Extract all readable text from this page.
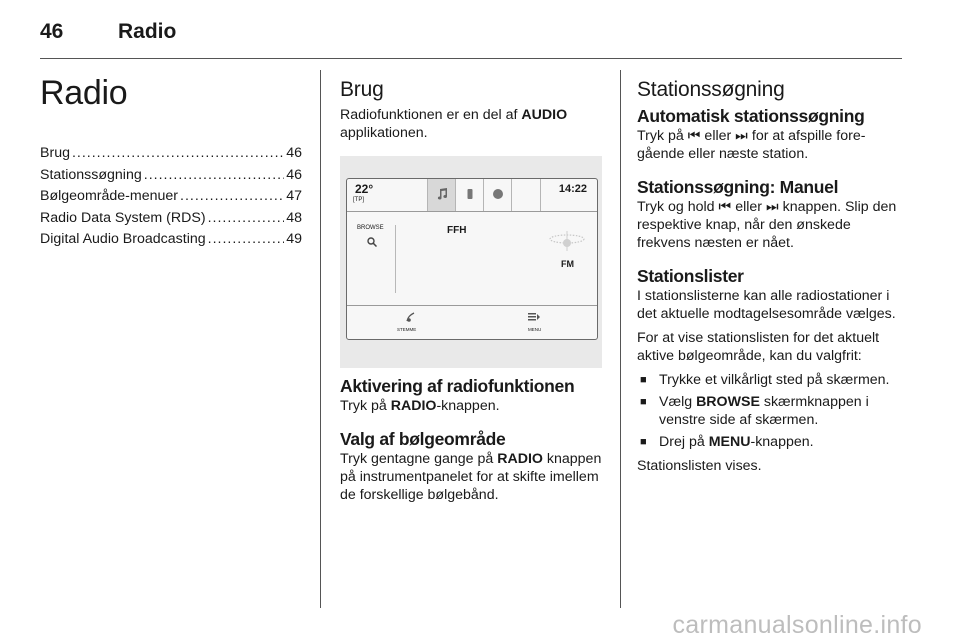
46	Radio
Radio
Brug .....	46
Stationssøgning .....	46
Bølgeområde-menuer .....	47
Radio Data System (RDS) .....	48
Digital Audio Broadcasting .....	49
Brug

Radiofunktionen er en del af AUDIO applikationen.

22°
[TP]
14:22
BROWSE	FFH
FM
STEMME	MENU
Aktivering af radiofunktionen

Tryk på RADIO-knappen.

Valg af bølgeområde

Tryk gentagne gange på RADIO knappen på instrumentpanelet for at skifte imellem de forskellige bølgebånd.

Stationssøgning
Automatisk stationssøgning

Tryk på ⏮ eller ⏭ for at afspille foregående eller næste station.

Stationssøgning: Manuel

Tryk og hold ⏮ eller ⏭ knappen. Slip den respektive knap, når den ønskede frekvens næsten er nået.

Stationslister

I stationslisterne kan alle radiostationer i det aktuelle modtagelsesområde vælges.

For at vise stationslisten for det aktuelt aktive bølgeområde, kan du valgfrit:

■ Trykke et vilkårligt sted på skærmen.
■ Vælg BROWSE skærmknappen i venstre side af skærmen.
■ Drej på MENU-knappen.

Stationslisten vises.

carmanualsonline.info
